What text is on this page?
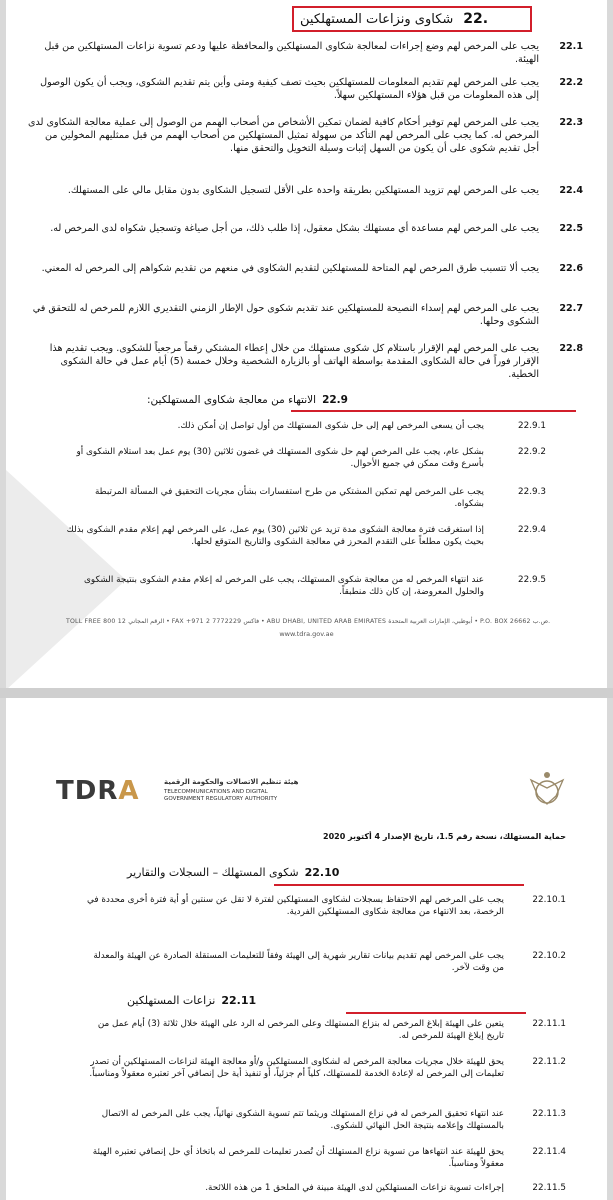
22.
شكاوى ونزاعات المستهلكين
22.1
يجب على المرخص لهم وضع إجراءات لمعالجة شكاوى المستهلكين والمحافظة عليها ودعم تسوية نزاعات المستهلكين من قبل الهيئة.
22.2
يجب على المرخص لهم تقديم المعلومات للمستهلكين بحيث تصف كيفية ومتى وأين يتم تقديم الشكوى، ويجب أن يكون الوصول إلى هذه المعلومات من قبل هؤلاء المستهلكين سهلاً.
22.3
يجب على المرخص لهم توفير أحكام كافية لضمان تمكين الأشخاص من أصحاب الهمم من الوصول إلى عملية معالجة الشكاوى لدى المرخص له. كما يجب على المرخص لهم التأكد من سهولة تمثيل المستهلكين من أصحاب الهمم من قبل ممثليهم المخولين من أجل تقديم شكوى على أن يكون من السهل إثبات وسيلة التخويل والتحقق منها.
22.4
يجب على المرخص لهم تزويد المستهلكين بطريقة واحدة على الأقل لتسجيل الشكاوى بدون مقابل مالي على المستهلك.
22.5
يجب على المرخص لهم مساعدة أي مستهلك بشكل معقول، إذا طلب ذلك، من أجل صياغة وتسجيل شكواه لدى المرخص له.
22.6
يجب ألا تتسبب طرق المرخص لهم المتاحة للمستهلكين لتقديم الشكاوى في منعهم من تقديم شكواهم إلى المرخص له المعني.
22.7
يجب على المرخص لهم إسداء النصيحة للمستهلكين عند تقديم شكوى حول الإطار الزمني التقديري اللازم للمرخص له للتحقق في الشكوى وحلها.
22.8
يجب على المرخص لهم الإقرار باستلام كل شكوى مستهلك من خلال إعطاء المشتكي رقماً مرجعياً للشكوى. ويجب تقديم هذا الإقرار فوراً في حالة الشكاوى المقدمة بواسطة الهاتف أو بالزيارة الشخصية وخلال خمسة (5) أيام عمل في حالة الشكوى الخطية.
22.9
الانتهاء من معالجة شكاوى المستهلكين:
22.9.1
يجب أن يسعى المرخص لهم إلى حل شكوى المستهلك من أول تواصل إن أمكن ذلك.
22.9.2
بشكل عام، يجب على المرخص لهم حل شكوى المستهلك في غضون ثلاثين (30) يوم عمل بعد استلام الشكوى أو بأسرع وقت ممكن في جميع الأحوال.
22.9.3
يجب على المرخص لهم تمكين المشتكي من طرح استفسارات بشأن مجريات التحقيق في المسألة المرتبطة بشكواه.
22.9.4
إذا استغرقت فترة معالجة الشكوى مدة تزيد عن ثلاثين (30) يوم عمل، على المرخص لهم إعلام مقدم الشكوى بذلك بحيث يكون مطلعاً على التقدم المحرز في معالجة الشكوى والتاريخ المتوقع لحلها.
22.9.5
عند انتهاء المرخص له من معالجة شكوى المستهلك، يجب على المرخص له إعلام مقدم الشكوى بنتيجة الشكوى والحلول المعروضة، إن كان ذلك منطبقاً.
TOLL FREE 800 12 الرقم المجاني • FAX +971 2 7772229 فاكس • ABU DHABI, UNITED ARAB EMIRATES أبوظبي، الإمارات العربية المتحدة • P.O. BOX 26662 ص.ب.
www.tdra.gov.ae
TDRA	هيئة تنظيم الاتصالات والحكومة الرقمية
TELECOMMUNICATIONS AND DIGITAL GOVERNMENT REGULATORY AUTHORITY
حماية المستهلك، نسخة رقم 1.5، تاريخ الإصدار 4 أكتوبر 2020
22.10
شكوى المستهلك – السجلات والتقارير
22.10.1
يجب على المرخص لهم الاحتفاظ بسجلات لشكاوى المستهلكين لفترة لا تقل عن سنتين أو أية فترة أخرى محددة في الرخصة، بعد الانتهاء من معالجة شكاوى المستهلكين الفردية.
22.10.2
يجب على المرخص لهم تقديم بيانات تقارير شهرية إلى الهيئة وفقاً للتعليمات المستقلة الصادرة عن الهيئة والمعدلة من وقت لآخر.
22.11
نزاعات المستهلكين
22.11.1
يتعين على الهيئة إبلاغ المرخص له بنزاع المستهلك وعلى المرخص له الرد على الهيئة خلال ثلاثة (3) أيام عمل من تاريخ إبلاغ الهيئة للمرخص له.
22.11.2
يحق للهيئة خلال مجريات معالجة المرخص له لشكاوى المستهلكين و/أو معالجة الهيئة لنزاعات المستهلكين أن تصدر تعليمات إلى المرخص له لإعادة الخدمة للمستهلك، كلياً أم جزئياً، أو تنفيذ أية حل إنصافي آخر تعتبره معقولاً ومناسباً.
22.11.3
عند انتهاء تحقيق المرخص له في نزاع المستهلك وريثما تتم تسوية الشكوى نهائياً، يجب على المرخص له الاتصال بالمستهلك وإعلامه بنتيجة الحل النهائي للشكوى.
22.11.4
يحق للهيئة عند انتهاءها من تسوية نزاع المستهلك أن تُصدر تعليمات للمرخص له باتخاذ أي حل إنصافي تعتبره الهيئة معقولاً ومناسباً.
22.11.5
إجراءات تسوية نزاعات المستهلكين لدى الهيئة مبينة في الملحق 1 من هذه اللائحة.
